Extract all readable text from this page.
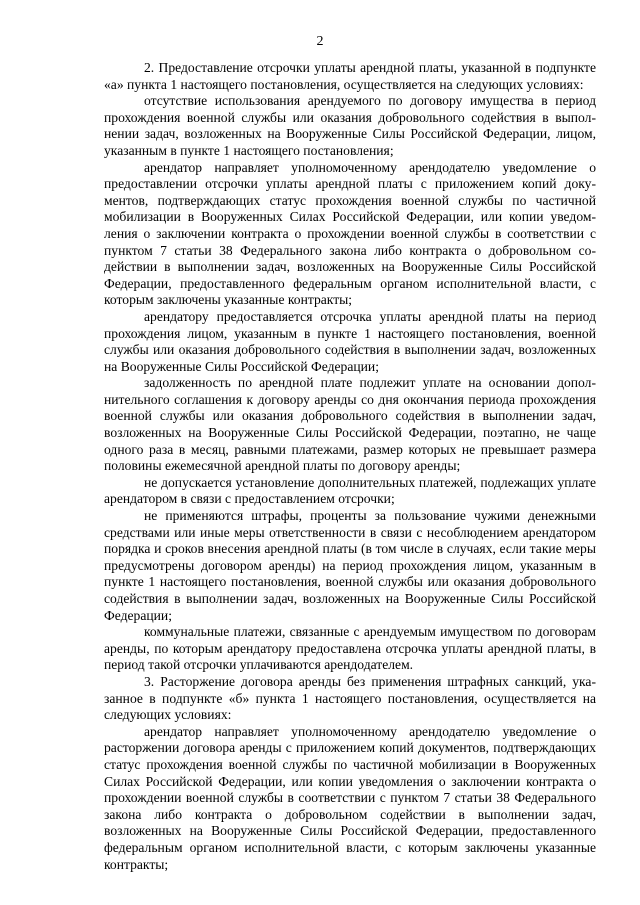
2

2. Предоставление отсрочки уплаты арендной платы, указанной в подпункте «а» пункта 1 настоящего постановления, осуществляется на следующих условиях:

отсутствие использования арендуемого по договору имущества в период прохождения военной службы или оказания добровольного содействия в выполнении задач, возложенных на Вооруженные Силы Российской Федерации, лицом, указанным в пункте 1 настоящего постановления;

арендатор направляет уполномоченному арендодателю уведомление о предоставлении отсрочки уплаты арендной платы с приложением копий документов, подтверждающих статус прохождения военной службы по частичной мобилизации в Вооруженных Силах Российской Федерации, или копии уведомления о заключении контракта о прохождении военной службы в соответствии с пунктом 7 статьи 38 Федерального закона либо контракта о добровольном содействии в выполнении задач, возложенных на Вооруженные Силы Российской Федерации, предоставленного федеральным органом исполнительной власти, с которым заключены указанные контракты;

арендатору предоставляется отсрочка уплаты арендной платы на период прохождения лицом, указанным в пункте 1 настоящего постановления, военной службы или оказания добровольного содействия в выполнении задач, возложенных на Вооруженные Силы Российской Федерации;

задолженность по арендной плате подлежит уплате на основании дополнительного соглашения к договору аренды со дня окончания периода прохождения военной службы или оказания добровольного содействия в выполнении задач, возложенных на Вооруженные Силы Российской Федерации, поэтапно, не чаще одного раза в месяц, равными платежами, размер которых не превышает размера половины ежемесячной арендной платы по договору аренды;

не допускается установление дополнительных платежей, подлежащих уплате арендатором в связи с предоставлением отсрочки;

не применяются штрафы, проценты за пользование чужими денежными средствами или иные меры ответственности в связи с несоблюдением арендатором порядка и сроков внесения арендной платы (в том числе в случаях, если такие меры предусмотрены договором аренды) на период прохождения лицом, указанным в пункте 1 настоящего постановления, военной службы или оказания добровольного содействия в выполнении задач, возложенных на Вооруженные Силы Российской Федерации;

коммунальные платежи, связанные с арендуемым имуществом по договорам аренды, по которым арендатору предоставлена отсрочка уплаты арендной платы, в период такой отсрочки уплачиваются арендодателем.

3. Расторжение договора аренды без применения штрафных санкций, указанное в подпункте «б» пункта 1 настоящего постановления, осуществляется на следующих условиях:

арендатор направляет уполномоченному арендодателю уведомление о расторжении договора аренды с приложением копий документов, подтверждающих статус прохождения военной службы по частичной мобилизации в Вооруженных Силах Российской Федерации, или копии уведомления о заключении контракта о прохождении военной службы в соответствии с пунктом 7 статьи 38 Федерального закона либо контракта о добровольном содействии в выполнении задач, возложенных на Вооруженные Силы Российской Федерации, предоставленного федеральным органом исполнительной власти, с которым заключены указанные контракты;
